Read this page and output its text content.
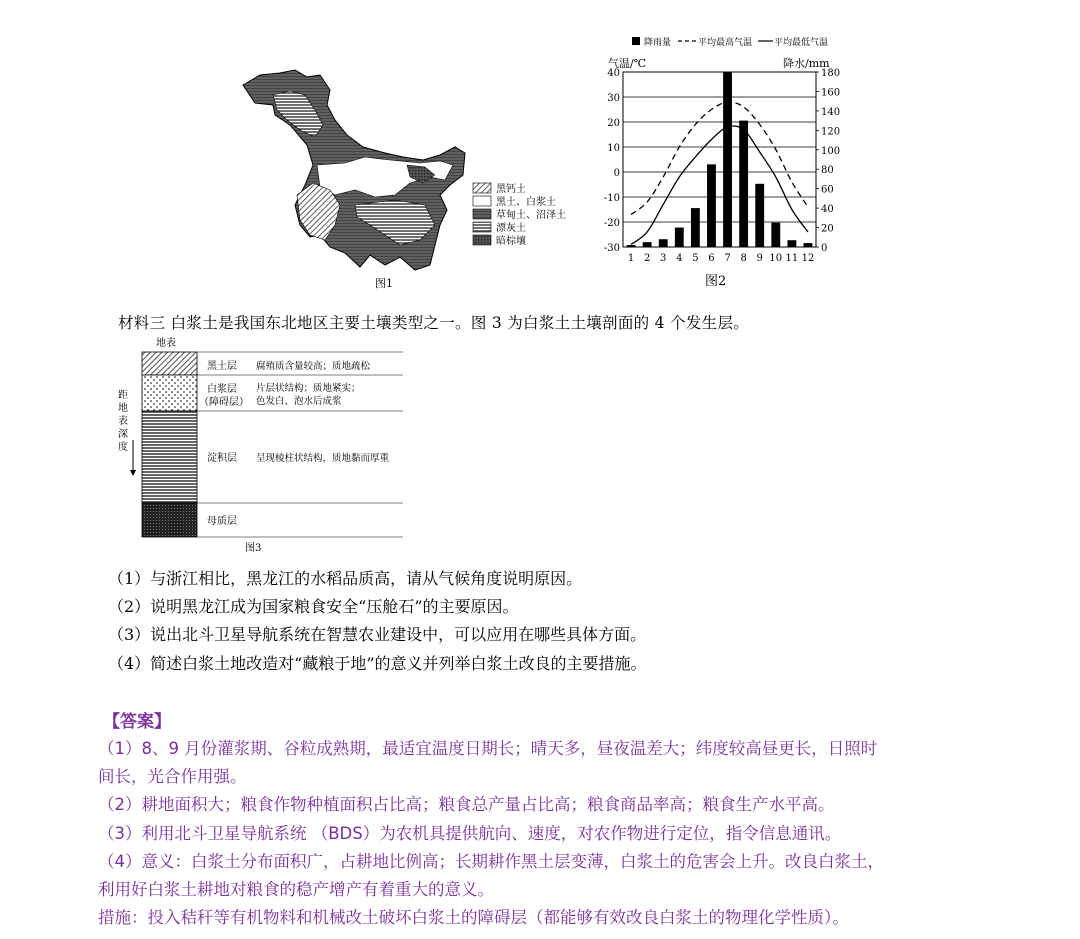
黑钙土
黑土、白浆土
草甸土、沼泽土
漂灰土
暗棕壤
图1
降雨量	平均最高气温 平均最低气温
气温/℃	降水/mm
-30
-20
-10
0
10
20
30
40
0
20
40
60
80
100
120
140
160
180
1 2 3 4 5 6 7 8 9 10 11 12
图2
材料三 白浆土是我国东北地区主要土壤类型之一。图 3 为白浆土土壤剖面的 4 个发生层。
地表
距地表深度
黑土层 腐殖质含量较高；质地疏松
白浆层
（障碍层）
片层状结构；质地紧实；
色发白、泡水后成浆
淀积层 呈现棱柱状结构，质地黏而厚重
母质层
图3
（1）与浙江相比，黑龙江的水稻品质高，请从气候角度说明原因。
（2）说明黑龙江成为国家粮食安全“压舱石”的主要原因。
（3）说出北斗卫星导航系统在智慧农业建设中，可以应用在哪些具体方面。
（4）简述白浆土地改造对“藏粮于地”的意义并列举白浆土改良的主要措施。
【答案】
（1）8、9 月份灌浆期、谷粒成熟期，最适宜温度日期长；晴天多，昼夜温差大；纬度较高昼更长，日照时
间长，光合作用强。
（2）耕地面积大；粮食作物种植面积占比高；粮食总产量占比高；粮食商品率高；粮食生产水平高。
（3）利用北斗卫星导航系统 （BDS）为农机具提供航向、速度，对农作物进行定位，指令信息通讯。
（4）意义：白浆土分布面积广，占耕地比例高；长期耕作黑土层变薄，白浆土的危害会上升。改良白浆土，
利用好白浆土耕地对粮食的稳产增产有着重大的意义。
措施：投入秸秆等有机物料和机械改土破坏白浆土的障碍层（都能够有效改良白浆土的物理化学性质）。
